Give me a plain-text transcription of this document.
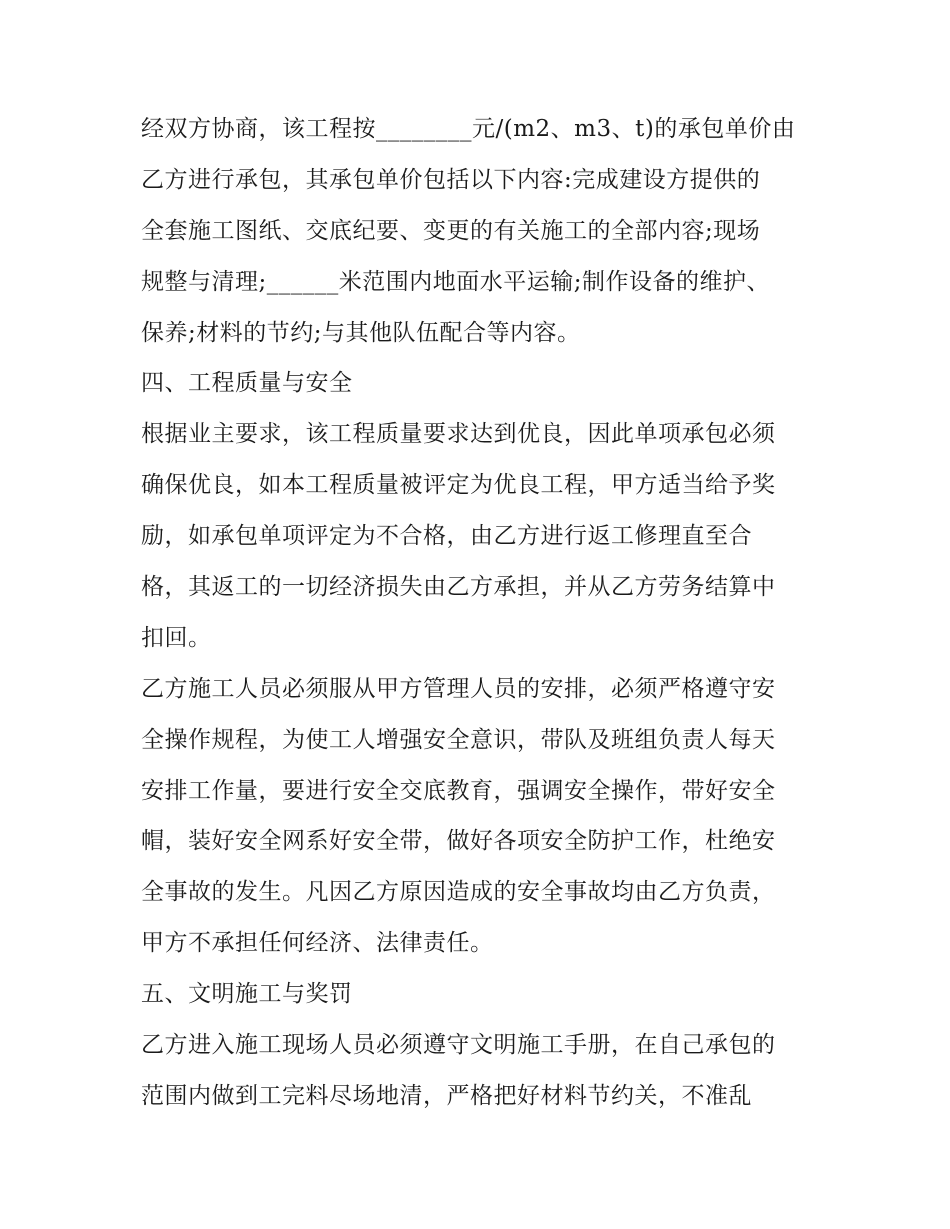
经双方协商，该工程按________元/(m2、m3、t)的承包单价由
乙方进行承包，其承包单价包括以下内容:完成建设方提供的
全套施工图纸、交底纪要、变更的有关施工的全部内容;现场
规整与清理;______米范围内地面水平运输;制作设备的维护、
保养;材料的节约;与其他队伍配合等内容。
四、工程质量与安全
根据业主要求，该工程质量要求达到优良，因此单项承包必须
确保优良，如本工程质量被评定为优良工程，甲方适当给予奖
励，如承包单项评定为不合格，由乙方进行返工修理直至合
格，其返工的一切经济损失由乙方承担，并从乙方劳务结算中
扣回。
乙方施工人员必须服从甲方管理人员的安排，必须严格遵守安
全操作规程，为使工人增强安全意识，带队及班组负责人每天
安排工作量，要进行安全交底教育，强调安全操作，带好安全
帽，装好安全网系好安全带，做好各项安全防护工作，杜绝安
全事故的发生。凡因乙方原因造成的安全事故均由乙方负责，
甲方不承担任何经济、法律责任。
五、文明施工与奖罚
乙方进入施工现场人员必须遵守文明施工手册，在自己承包的
范围内做到工完料尽场地清，严格把好材料节约关，不准乱
